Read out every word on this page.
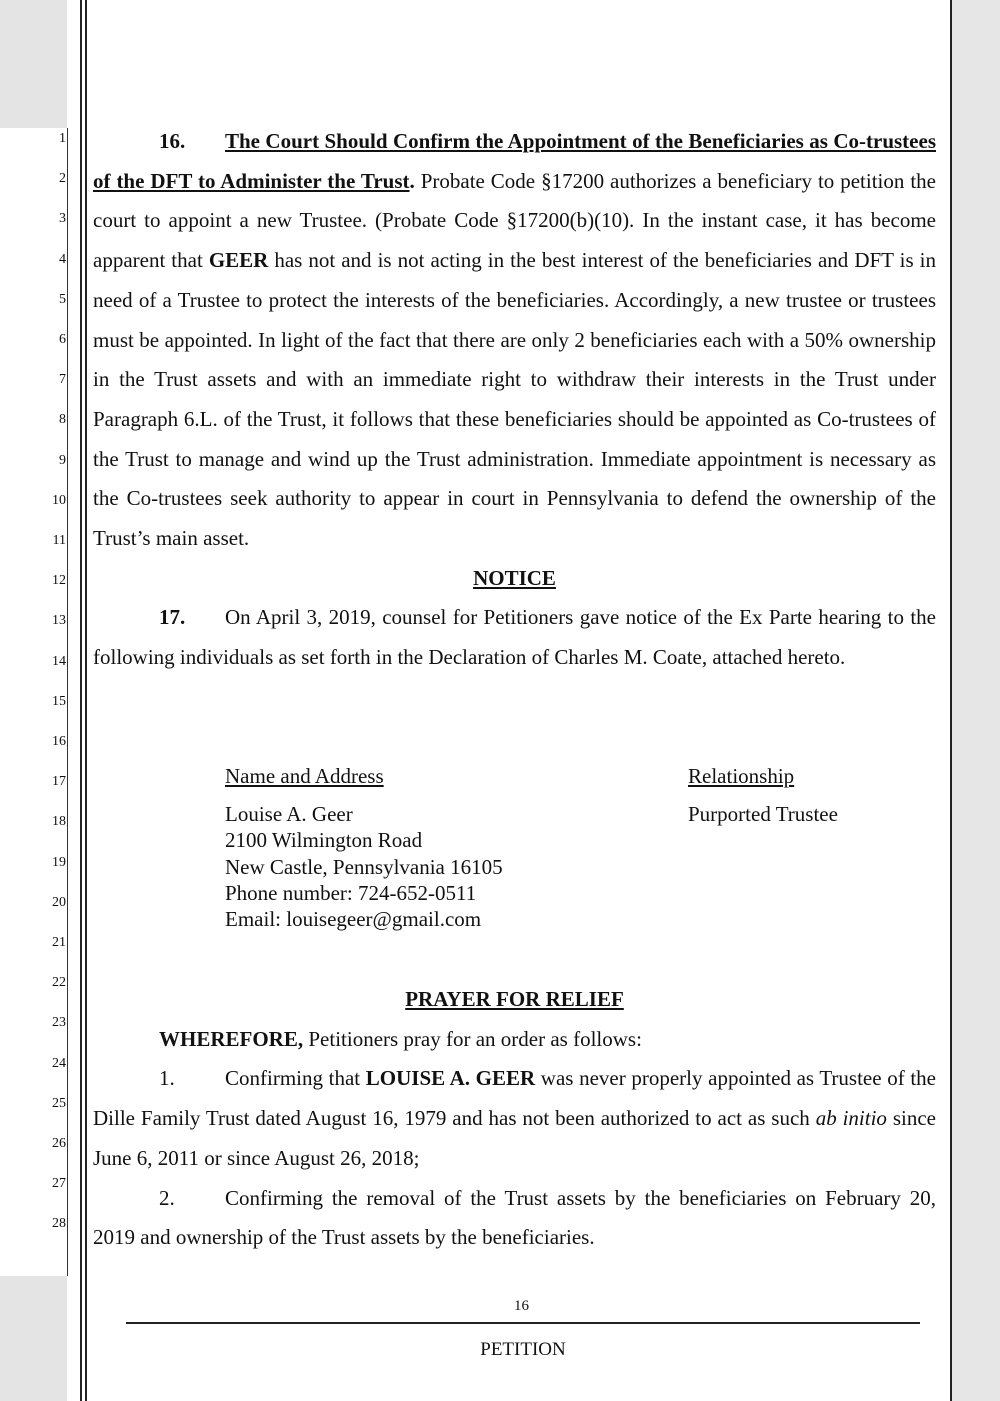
1
2
3
4
5
6
7
8
9
10
11
12
13
14
15
16
17
18
19
20
21
22
23
24
25
26
27
28

16. The Court Should Confirm the Appointment of the Beneficiaries as Co-trustees of the DFT to Administer the Trust. Probate Code §17200 authorizes a beneficiary to petition the court to appoint a new Trustee. (Probate Code §17200(b)(10). In the instant case, it has become apparent that GEER has not and is not acting in the best interest of the beneficiaries and DFT is in need of a Trustee to protect the interests of the beneficiaries. Accordingly, a new trustee or trustees must be appointed. In light of the fact that there are only 2 beneficiaries each with a 50% ownership in the Trust assets and with an immediate right to withdraw their interests in the Trust under Paragraph 6.L. of the Trust, it follows that these beneficiaries should be appointed as Co-trustees of the Trust to manage and wind up the Trust administration. Immediate appointment is necessary as the Co-trustees seek authority to appear in court in Pennsylvania to defend the ownership of the Trust’s main asset.

NOTICE

17. On April 3, 2019, counsel for Petitioners gave notice of the Ex Parte hearing to the following individuals as set forth in the Declaration of Charles M. Coate, attached hereto.

Name and Address

Louise A. Geer
2100 Wilmington Road
New Castle, Pennsylvania 16105
Phone number: 724-652-0511
Email: louisegeer@gmail.com

Relationship

Purported Trustee

PRAYER FOR RELIEF

WHEREFORE, Petitioners pray for an order as follows:

1. Confirming that LOUISE A. GEER was never properly appointed as Trustee of the Dille Family Trust dated August 16, 1979 and has not been authorized to act as such ab initio since June 6, 2011 or since August 26, 2018;

2. Confirming the removal of the Trust assets by the beneficiaries on February 20, 2019 and ownership of the Trust assets by the beneficiaries.

16
PETITION
